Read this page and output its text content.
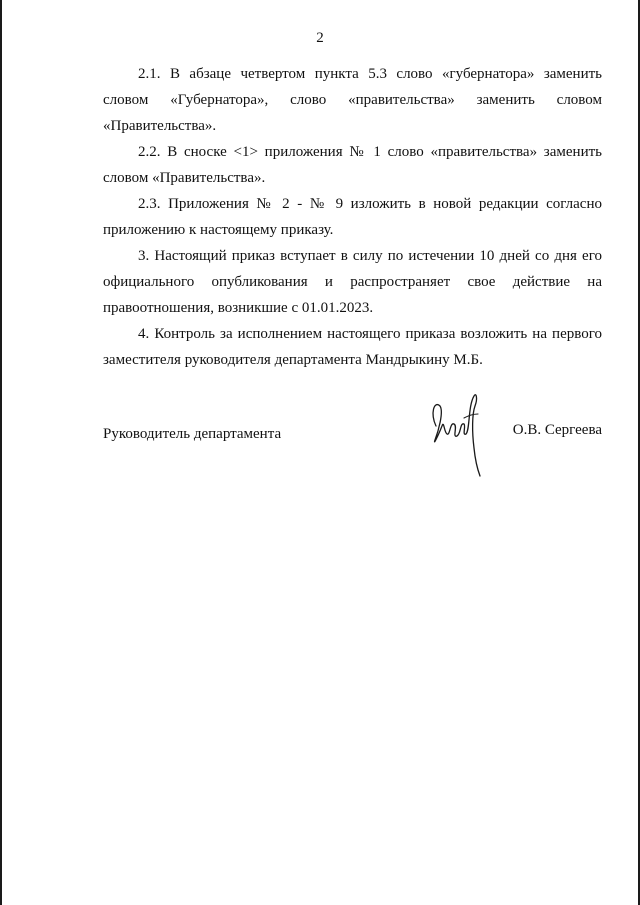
2

2.1. В абзаце четвертом пункта 5.3 слово «губернатора» заменить словом «Губернатора», слово «правительства» заменить словом «Правительства».

2.2. В сноске <1> приложения № 1 слово «правительства» заменить словом «Правительства».

2.3. Приложения № 2 - № 9 изложить в новой редакции согласно приложению к настоящему приказу.

3. Настоящий приказ вступает в силу по истечении 10 дней со дня его официального опубликования и распространяет свое действие на правоотношения, возникшие с 01.01.2023.

4. Контроль за исполнением настоящего приказа возложить на первого заместителя руководителя департамента Мандрыкину М.Б.

Руководитель департамента	О.В. Сергеева
